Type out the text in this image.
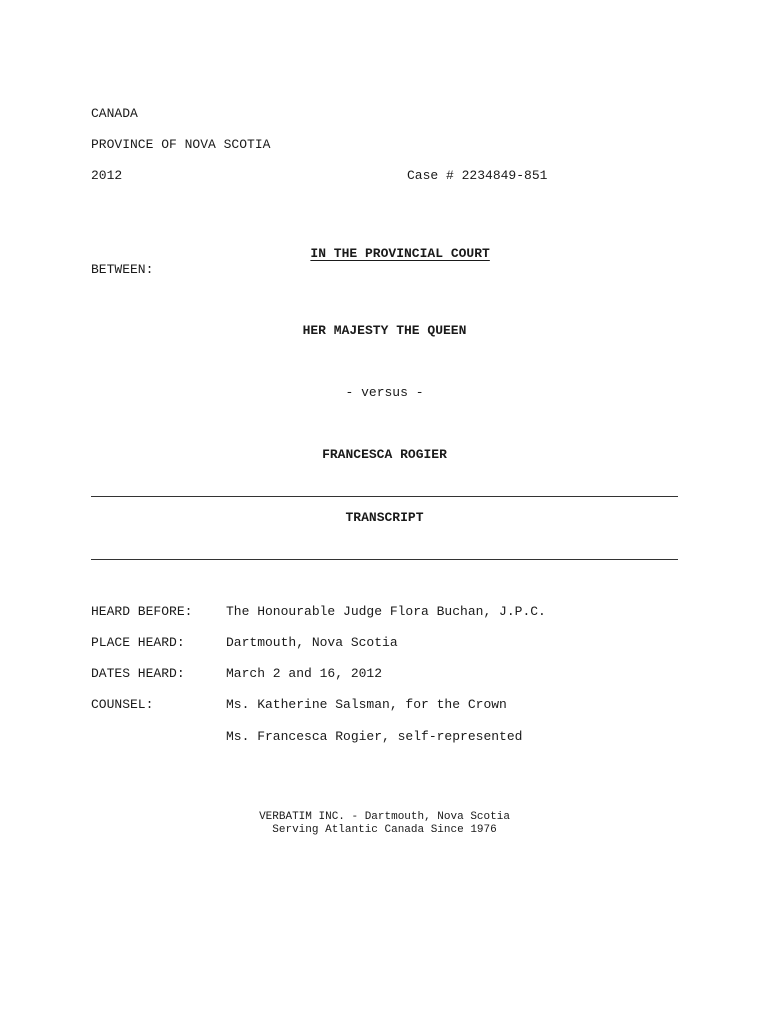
CANADA
PROVINCE OF NOVA SCOTIA
2012	Case # 2234849-851

IN THE PROVINCIAL COURT

BETWEEN:
HER MAJESTY THE QUEEN
- versus -
FRANCESCA ROGIER
TRANSCRIPT
HEARD BEFORE:	The Honourable Judge Flora Buchan, J.P.C.
PLACE HEARD:	Dartmouth, Nova Scotia
DATES HEARD:	March 2 and 16, 2012
COUNSEL:	Ms. Katherine Salsman, for the Crown
Ms. Francesca Rogier, self-represented
VERBATIM INC. - Dartmouth, Nova Scotia
Serving Atlantic Canada Since 1976
